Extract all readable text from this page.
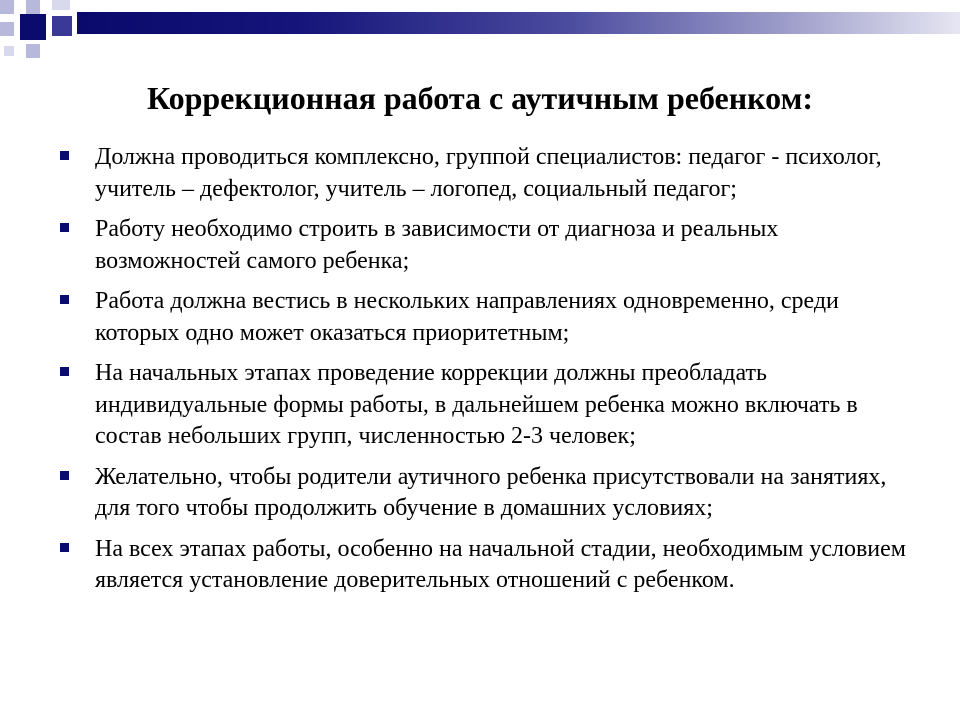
Коррекционная работа с аутичным ребенком:
Должна проводиться комплексно, группой специалистов: педагог - психолог, учитель – дефектолог, учитель – логопед, социальный педагог;
Работу необходимо строить в зависимости от диагноза и реальных возможностей самого ребенка;
Работа должна вестись в нескольких направлениях одновременно, среди которых одно может оказаться приоритетным;
На начальных этапах проведение коррекции должны преобладать индивидуальные формы работы, в дальнейшем ребенка можно включать в состав небольших групп, численностью 2-3 человек;
Желательно, чтобы родители аутичного ребенка присутствовали на занятиях, для того чтобы продолжить обучение в домашних условиях;
На всех этапах работы, особенно на начальной стадии, необходимым условием является установление доверительных отношений с ребенком.
